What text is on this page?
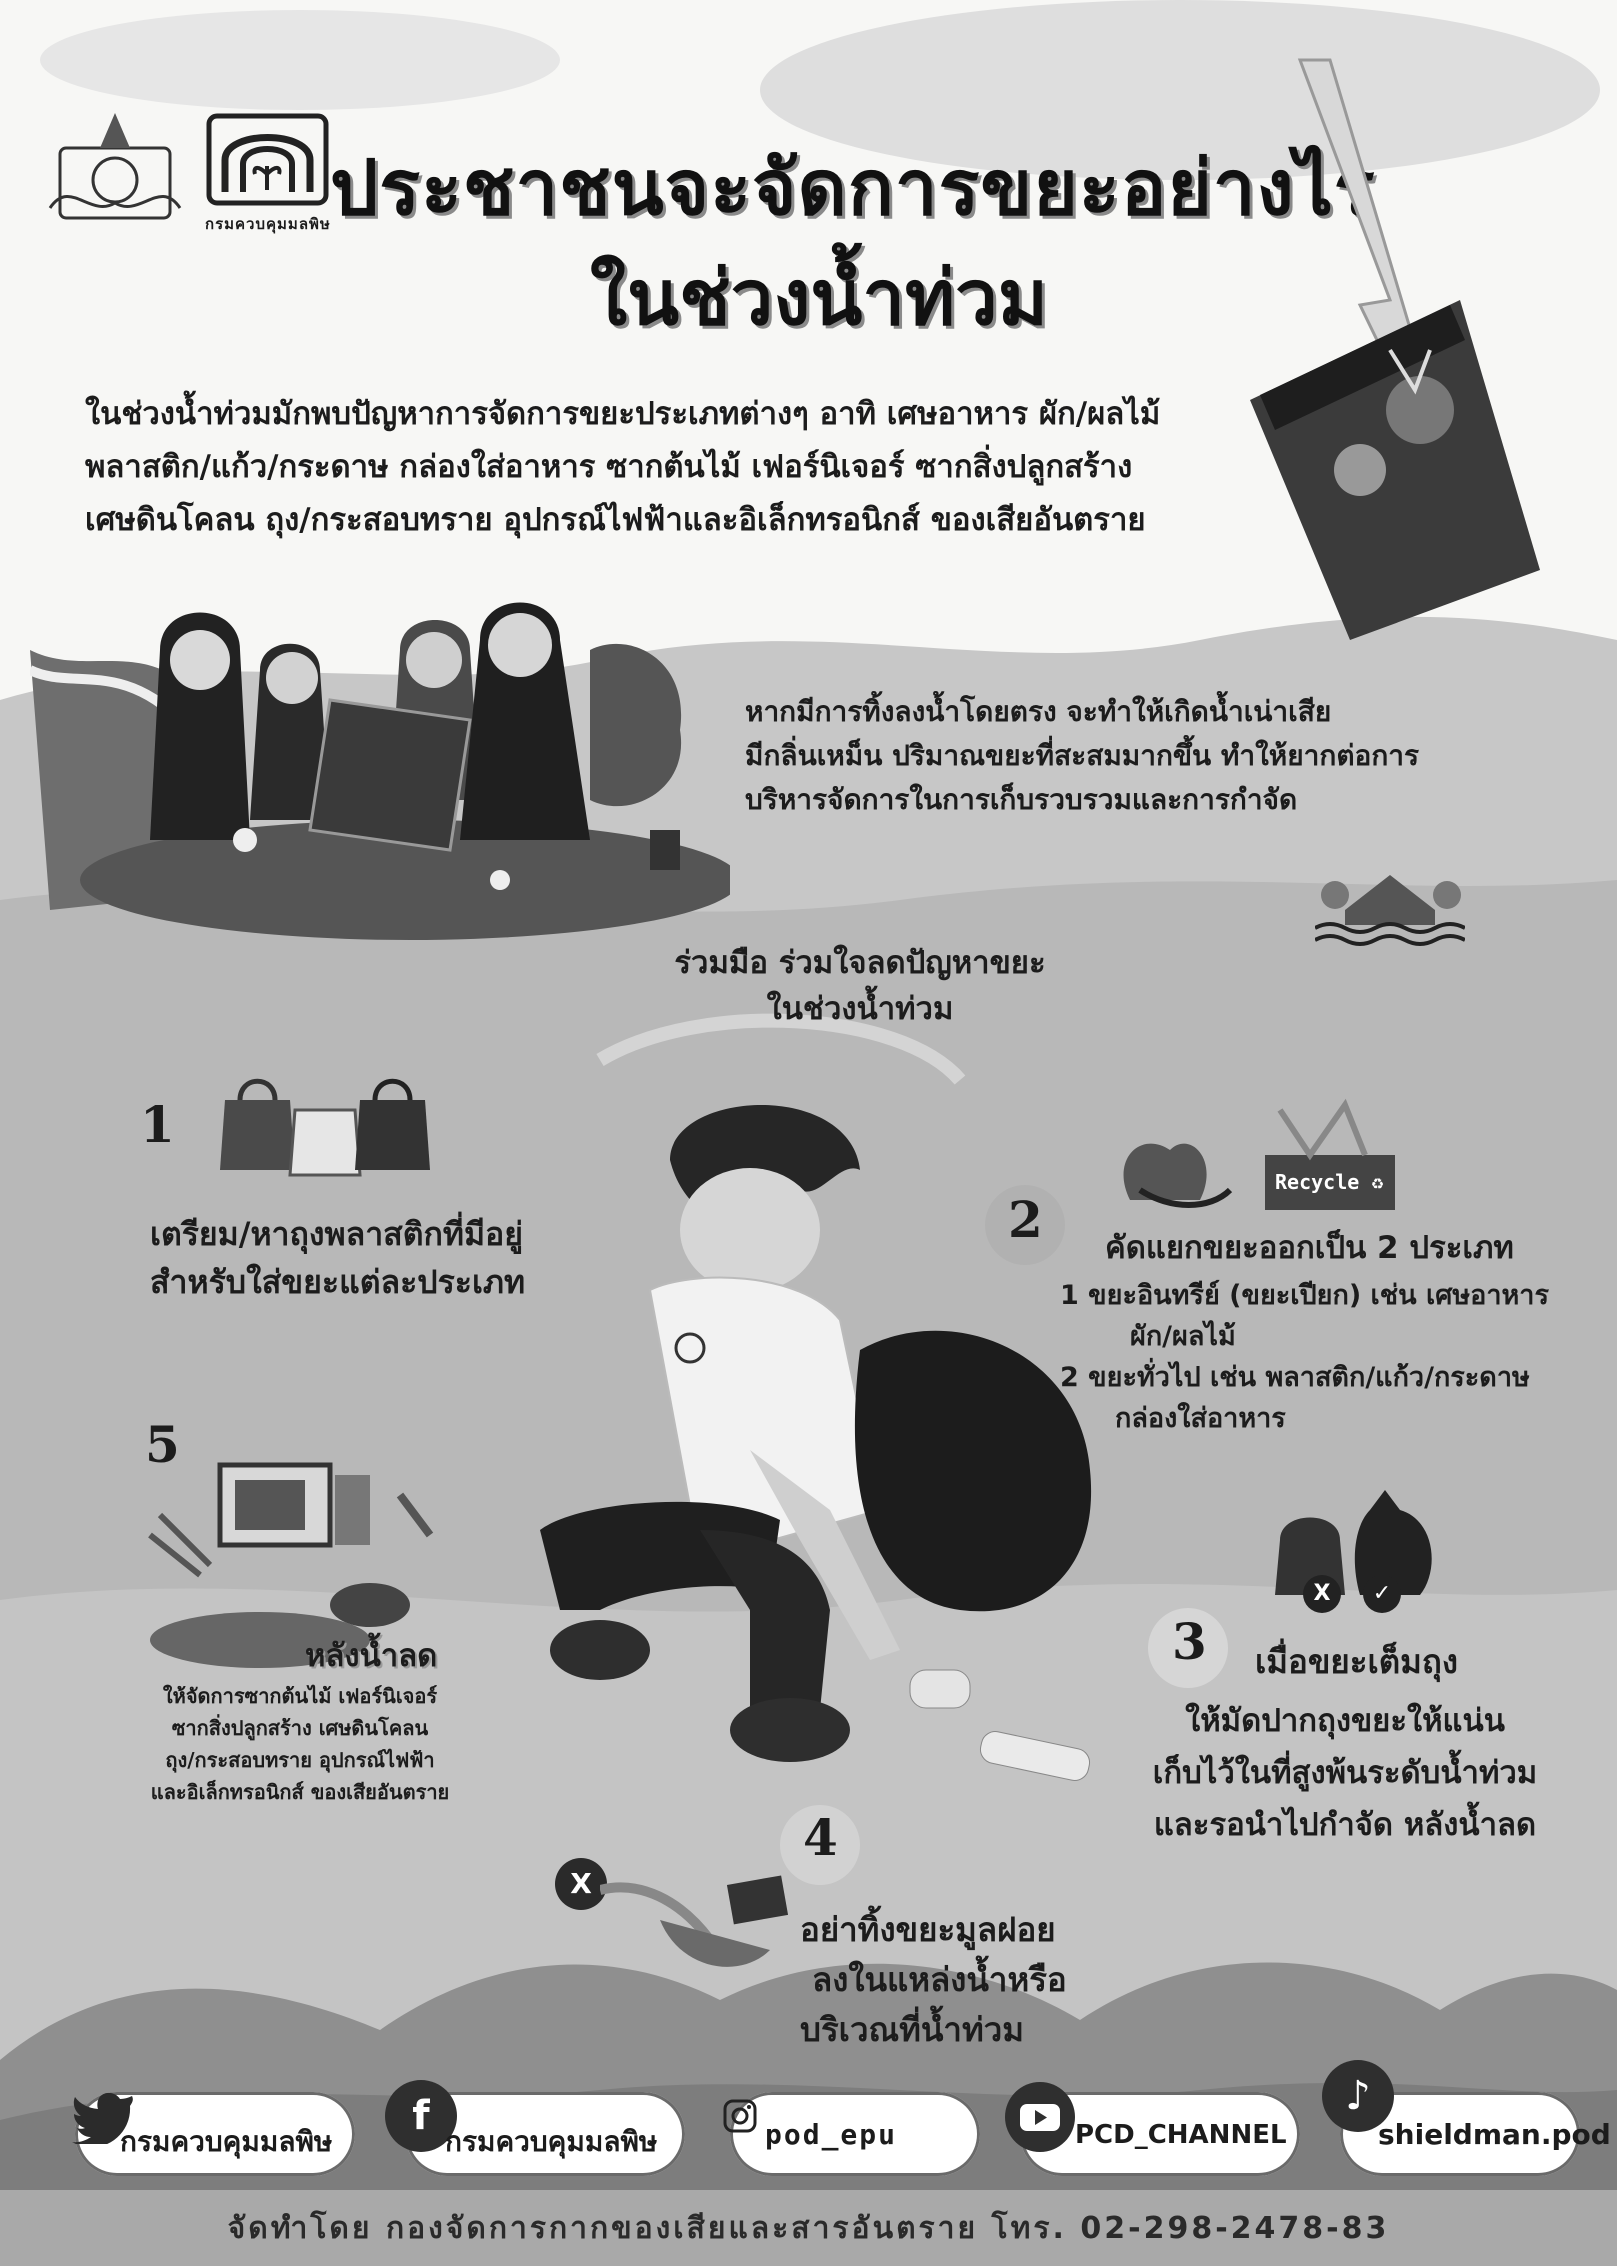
กรมควบคุมมลพิษ ประชาชนจะจัดการขยะอย่างไร
ในช่วงน้ำท่วม
ในช่วงน้ำท่วมมักพบปัญหาการจัดการขยะประเภทต่างๆ อาทิ เศษอาหาร ผัก/ผลไม้
พลาสติก/แก้ว/กระดาษ กล่องใส่อาหาร ซากต้นไม้ เฟอร์นิเจอร์ ซากสิ่งปลูกสร้าง
เศษดินโคลน ถุง/กระสอบทราย อุปกรณ์ไฟฟ้าและอิเล็กทรอนิกส์ ของเสียอันตราย
หากมีการทิ้งลงน้ำโดยตรง จะทำให้เกิดน้ำเน่าเสีย
มีกลิ่นเหม็น ปริมาณขยะที่สะสมมากขึ้น ทำให้ยากต่อการ
บริหารจัดการในการเก็บรวบรวมและการกำจัด
ร่วมมือ ร่วมใจลดปัญหาขยะ
ในช่วงน้ำท่วม
1
เตรียม/หาถุงพลาสติกที่มีอยู่
สำหรับใส่ขยะแต่ละประเภท
Recycle ♻
2 คัดแยกขยะออกเป็น 2 ประเภท
1 ขยะอินทรีย์ (ขยะเปียก) เช่น เศษอาหาร
ผัก/ผลไม้
2 ขยะทั่วไป เช่น พลาสติก/แก้ว/กระดาษ
กล่องใส่อาหาร
5
หลังน้ำลด
ให้จัดการซากต้นไม้ เฟอร์นิเจอร์
ซากสิ่งปลูกสร้าง เศษดินโคลน
ถุง/กระสอบทราย อุปกรณ์ไฟฟ้า
และอิเล็กทรอนิกส์ ของเสียอันตราย
X	✓
3 เมื่อขยะเต็มถุง
ให้มัดปากถุงขยะให้แน่น
เก็บไว้ในที่สูงพ้นระดับน้ำท่วม
และรอนำไปกำจัด หลังน้ำลด
4
X
อย่าทิ้งขยะมูลฝอย
ลงในแหล่งน้ำหรือ
บริเวณที่น้ำท่วม
กรมควบคุมมลพิษ
f
กรมควบคุมมลพิษ	pod_epu	PCD_CHANNEL
♪
shieldman.pod
จัดทำโดย กองจัดการกากของเสียและสารอันตราย โทร. 02-298-2478-83
